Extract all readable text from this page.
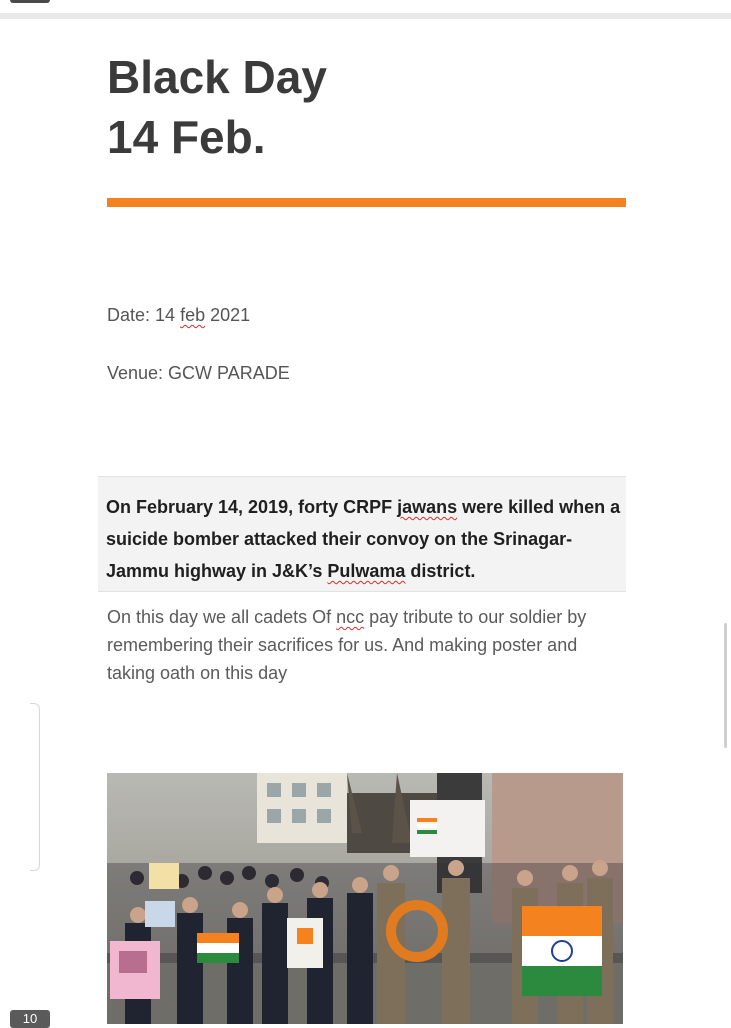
Black Day
14 Feb.
Date: 14 feb 2021
Venue: GCW PARADE

On February 14, 2019, forty CRPF jawans were killed when a suicide bomber attacked their convoy on the Srinagar-Jammu highway in J&K’s Pulwama district.

On this day we all cadets Of ncc pay tribute to our soldier by remembering their sacrifices for us. And making poster and taking oath on this day

10
